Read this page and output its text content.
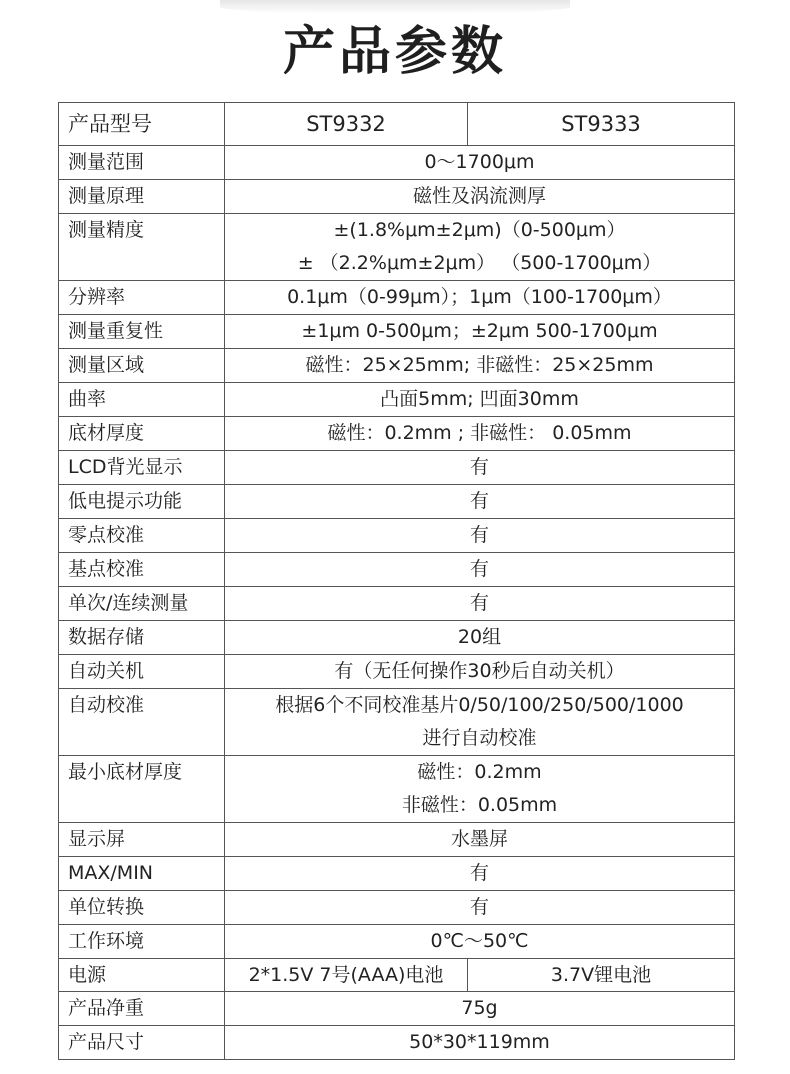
产品参数
产品型号	ST9332	ST9333
测量范围	0～1700μm	

测量原理	磁性及涡流测厚	

测量精度	±(1.8%μm±2μm)（0-500μm）
± （2.2%μm±2μm） （500-1700μm）	

分辨率	0.1μm（0-99μm）；1μm（100-1700μm）	

测量重复性	±1μm 0-500μm；±2μm 500-1700μm	

测量区域	磁性：25×25mm; 非磁性：25×25mm	

曲率	凸面5mm; 凹面30mm	

底材厚度	磁性：0.2mm ; 非磁性： 0.05mm	

LCD背光显示	有	

低电提示功能	有	

零点校准	有	

基点校准	有	

单次/连续测量	有	

数据存储	20组	

自动关机	有（无任何操作30秒后自动关机）	

自动校准	根据6个不同校准基片0/50/100/250/500/1000
进行自动校准	

最小底材厚度	磁性：0.2mm
非磁性：0.05mm	

显示屏	水墨屏	

MAX/MIN	有	

单位转换	有	

工作环境	0℃～50℃	

电源	2*1.5V 7号(AAA)电池	3.7V锂电池
产品净重	75g	

产品尺寸	50*30*119mm	
